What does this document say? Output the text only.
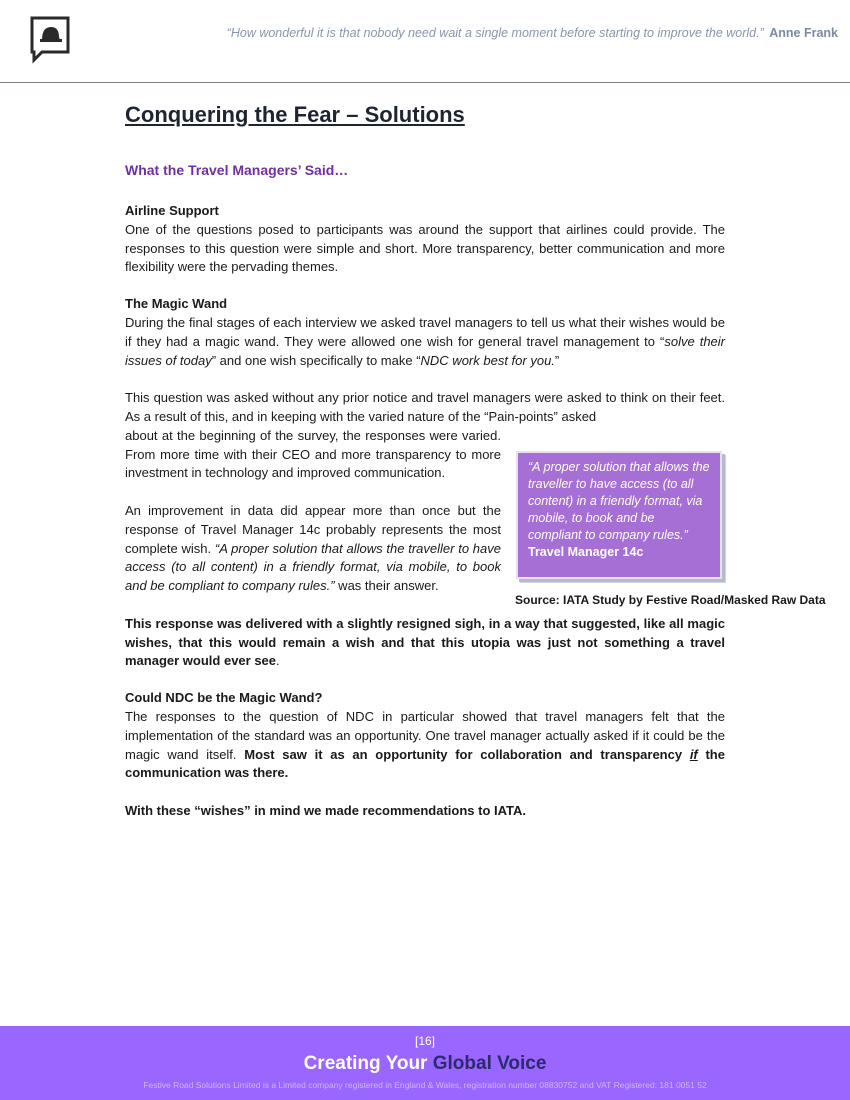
“How wonderful it is that nobody need wait a single moment before starting to improve the world.” Anne Frank
Conquering the Fear – Solutions
What the Travel Managers’ Said…

Airline Support

One of the questions posed to participants was around the support that airlines could provide. The responses to this question were simple and short. More transparency, better communication and more flexibility were the pervading themes.

The Magic Wand

During the final stages of each interview we asked travel managers to tell us what their wishes would be if they had a magic wand. They were allowed one wish for general travel management to “solve their issues of today” and one wish specifically to make “NDC work best for you.”

This question was asked without any prior notice and travel managers were asked to think on their feet. As a result of this, and in keeping with the varied nature of the “Pain-points” asked

about at the beginning of the survey, the responses were varied. From more time with their CEO and more transparency to more investment in technology and improved communication.

An improvement in data did appear more than once but the response of Travel Manager 14c probably represents the most complete wish. “A proper solution that allows the traveller to have access (to all content) in a friendly format, via mobile, to book and be compliant to company rules.” was their answer.

This response was delivered with a slightly resigned sigh, in a way that suggested, like all magic wishes, that this would remain a wish and that this utopia was just not something a travel manager would ever see.

Could NDC be the Magic Wand?

The responses to the question of NDC in particular showed that travel managers felt that the implementation of the standard was an opportunity. One travel manager actually asked if it could be the magic wand itself. Most saw it as an opportunity for collaboration and transparency if the communication was there.

With these “wishes” in mind we made recommendations to IATA.

“A proper solution that allows the traveller to have access (to all content) in a friendly format, via mobile, to book and be compliant to company rules.”
Travel Manager 14c
Source: IATA Study by Festive Road/Masked Raw Data
[16]
Creating Your Global Voice
Festive Road Solutions Limited is a Limited company registered in England & Wales, registration number 08830752 and VAT Registered: 181 0051 52
